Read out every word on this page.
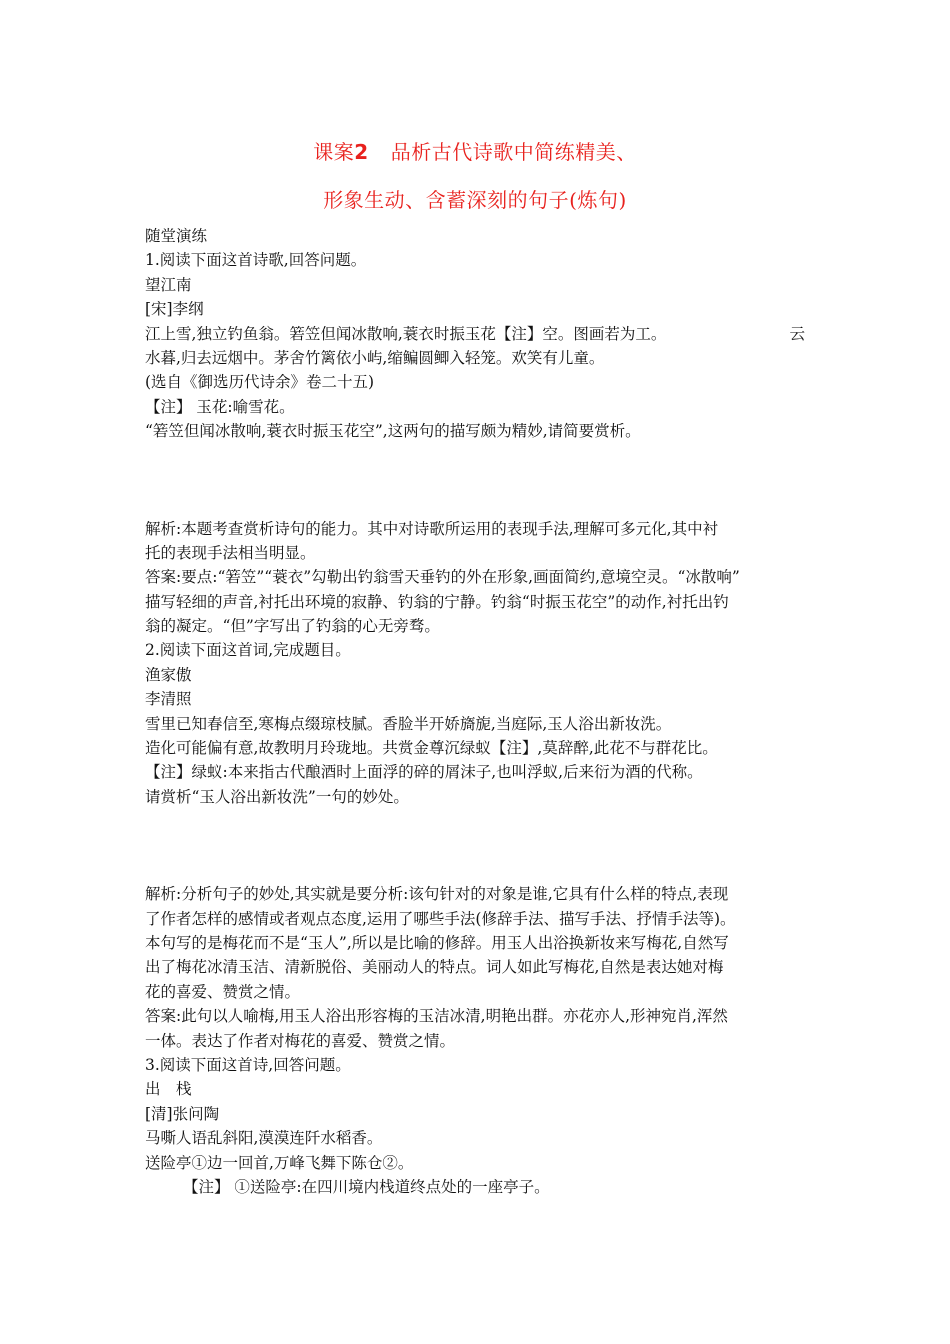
课案2 品析古代诗歌中简练精美、
形象生动、含蓄深刻的句子(炼句)
随堂演练
1.阅读下面这首诗歌,回答问题。
望江南
[宋]李纲
江上雪,独立钓鱼翁。箬笠但闻冰散响,蓑衣时振玉花【注】空。图画若为工。	云
水暮,归去远烟中。茅舍竹篱依小屿,缩鳊圆鲫入轻笼。欢笑有儿童。
(选自《御选历代诗余》卷二十五)
【注】 玉花:喻雪花。
“箬笠但闻冰散响,蓑衣时振玉花空”,这两句的描写颇为精妙,请简要赏析。
解析:本题考查赏析诗句的能力。其中对诗歌所运用的表现手法,理解可多元化,其中衬
托的表现手法相当明显。
答案:要点:“箬笠”“蓑衣”勾勒出钓翁雪天垂钓的外在形象,画面简约,意境空灵。“冰散响”
描写轻细的声音,衬托出环境的寂静、钓翁的宁静。钓翁“时振玉花空”的动作,衬托出钓
翁的凝定。“但”字写出了钓翁的心无旁骛。
2.阅读下面这首词,完成题目。
渔家傲
李清照
雪里已知春信至,寒梅点缀琼枝腻。香脸半开娇旖旎,当庭际,玉人浴出新妆洗。
造化可能偏有意,故教明月玲珑地。共赏金尊沉绿蚁【注】,莫辞醉,此花不与群花比。
【注】绿蚁:本来指古代酿酒时上面浮的碎的屑沫子,也叫浮蚁,后来衍为酒的代称。
请赏析“玉人浴出新妆洗”一句的妙处。
解析:分析句子的妙处,其实就是要分析:该句针对的对象是谁,它具有什么样的特点,表现
了作者怎样的感情或者观点态度,运用了哪些手法(修辞手法、描写手法、抒情手法等)。
本句写的是梅花而不是“玉人”,所以是比喻的修辞。用玉人出浴换新妆来写梅花,自然写
出了梅花冰清玉洁、清新脱俗、美丽动人的特点。词人如此写梅花,自然是表达她对梅
花的喜爱、赞赏之情。
答案:此句以人喻梅,用玉人浴出形容梅的玉洁冰清,明艳出群。亦花亦人,形神宛肖,浑然
一体。表达了作者对梅花的喜爱、赞赏之情。
3.阅读下面这首诗,回答问题。
出　栈
[清]张问陶
马嘶人语乱斜阳,漠漠连阡水稻香。
送险亭①边一回首,万峰飞舞下陈仓②。
【注】 ①送险亭:在四川境内栈道终点处的一座亭子。
